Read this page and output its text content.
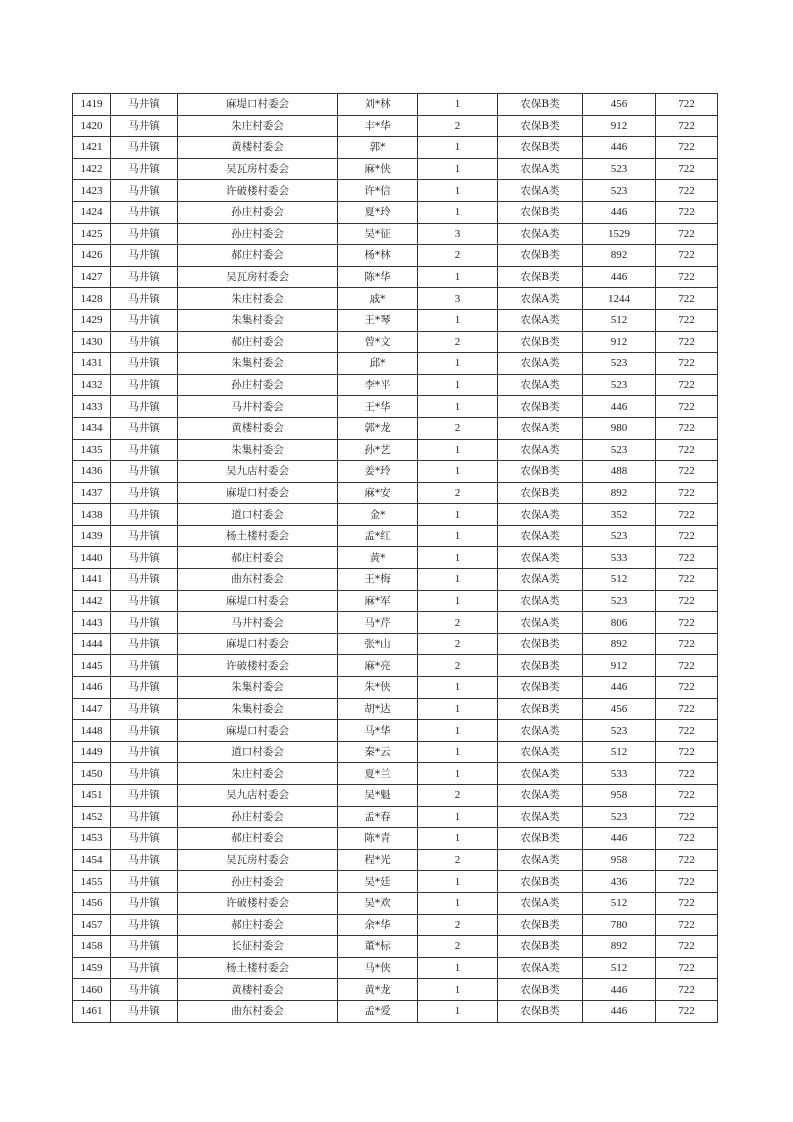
1419	马井镇	麻堤口村委会	刘*林	1	农保B类	456	722
1420	马井镇	朱庄村委会	丰*华	2	农保B类	912	722
1421	马井镇	黄楼村委会	郭*	1	农保B类	446	722
1422	马井镇	吴瓦房村委会	麻*侠	1	农保A类	523	722
1423	马井镇	许破楼村委会	许*信	1	农保A类	523	722
1424	马井镇	孙庄村委会	夏*玲	1	农保B类	446	722
1425	马井镇	孙庄村委会	吴*征	3	农保A类	1529	722
1426	马井镇	郝庄村委会	杨*林	2	农保B类	892	722
1427	马井镇	吴瓦房村委会	陈*华	1	农保B类	446	722
1428	马井镇	朱庄村委会	戚*	3	农保A类	1244	722
1429	马井镇	朱集村委会	王*琴	1	农保A类	512	722
1430	马井镇	郝庄村委会	曾*文	2	农保B类	912	722
1431	马井镇	朱集村委会	邱*	1	农保A类	523	722
1432	马井镇	孙庄村委会	李*平	1	农保A类	523	722
1433	马井镇	马井村委会	王*华	1	农保B类	446	722
1434	马井镇	黄楼村委会	郭*龙	2	农保A类	980	722
1435	马井镇	朱集村委会	孙*艺	1	农保A类	523	722
1436	马井镇	吴九店村委会	姜*玲	1	农保B类	488	722
1437	马井镇	麻堤口村委会	麻*安	2	农保B类	892	722
1438	马井镇	道口村委会	金*	1	农保A类	352	722
1439	马井镇	杨土楼村委会	孟*红	1	农保A类	523	722
1440	马井镇	郝庄村委会	黄*	1	农保A类	533	722
1441	马井镇	曲东村委会	王*梅	1	农保A类	512	722
1442	马井镇	麻堤口村委会	麻*军	1	农保A类	523	722
1443	马井镇	马井村委会	马*芹	2	农保A类	806	722
1444	马井镇	麻堤口村委会	张*山	2	农保B类	892	722
1445	马井镇	许破楼村委会	麻*亮	2	农保B类	912	722
1446	马井镇	朱集村委会	朱*侠	1	农保B类	446	722
1447	马井镇	朱集村委会	胡*达	1	农保B类	456	722
1448	马井镇	麻堤口村委会	马*华	1	农保A类	523	722
1449	马井镇	道口村委会	秦*云	1	农保A类	512	722
1450	马井镇	朱庄村委会	夏*兰	1	农保A类	533	722
1451	马井镇	吴九店村委会	吴*魁	2	农保A类	958	722
1452	马井镇	孙庄村委会	孟*春	1	农保A类	523	722
1453	马井镇	郝庄村委会	陈*青	1	农保B类	446	722
1454	马井镇	吴瓦房村委会	程*光	2	农保A类	958	722
1455	马井镇	孙庄村委会	吴*廷	1	农保B类	436	722
1456	马井镇	许破楼村委会	吴*欢	1	农保A类	512	722
1457	马井镇	郝庄村委会	余*华	2	农保B类	780	722
1458	马井镇	长征村委会	董*标	2	农保B类	892	722
1459	马井镇	杨土楼村委会	马*侠	1	农保A类	512	722
1460	马井镇	黄楼村委会	黄*龙	1	农保B类	446	722
1461	马井镇	曲东村委会	孟*爱	1	农保B类	446	722
